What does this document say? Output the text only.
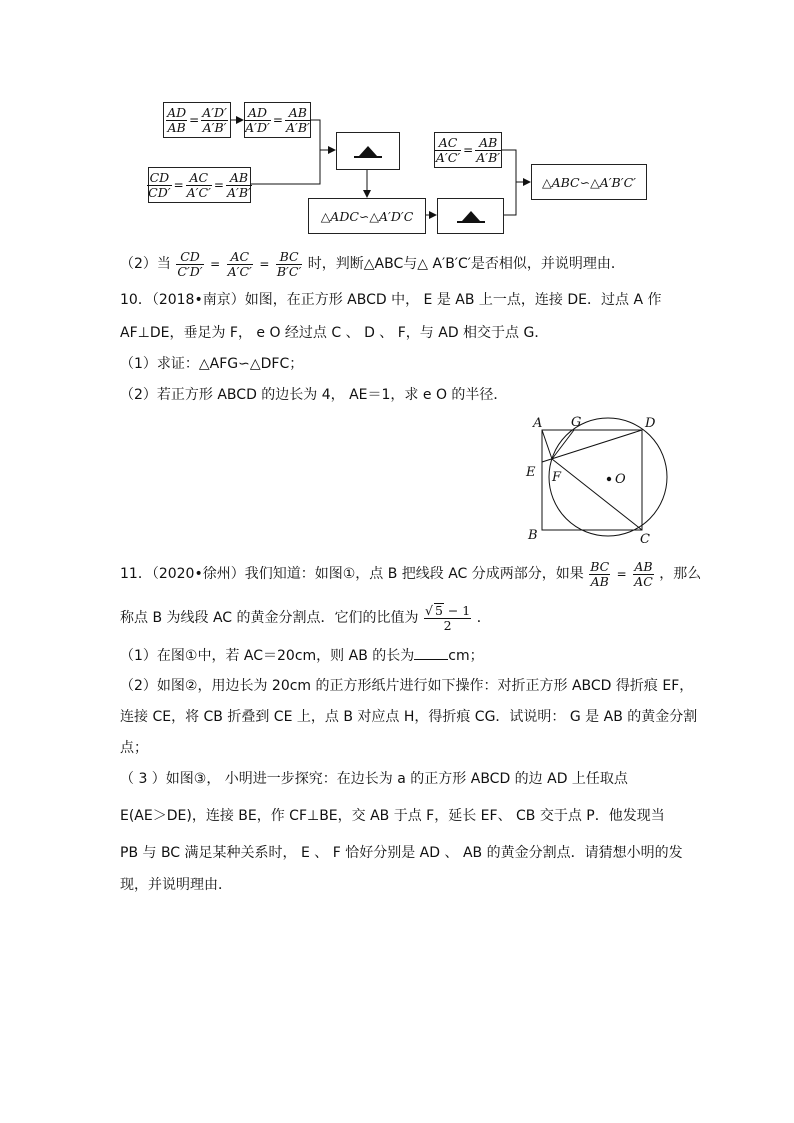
$\frac{AD}{AB} = \frac{A'D'}{A'B'} \frac{AD}{A'D'} = \frac{AB}{A'B'}$
$\frac{CD}{CD'} = \frac{AC}{A'C'} = \frac{AB}{A'B'}$
△ADC∽△A′D′C
$\frac{AC}{A'C'} = \frac{AB}{A'B'}$
△ABC∽△A′B′C′
（2）当 $\frac{CD}{C'D'} = \frac{AC}{A'C'} = \frac{BC}{B'C'}$ 时，判断△ABC与△ A′B′C′是否相似，并说明理由．
10．（2018•南京）如图，在正方形 ABCD 中， E 是 AB 上一点，连接 DE．过点 A 作
AF⊥DE，垂足为 F， e O 经过点 C 、 D 、 F，与 AD 相交于点 G．
（1）求证：△AFG∽△DFC；
（2）若正方形 ABCD 的边长为 4， AE＝1，求 e O 的半径．
A G	D
E F	O
B	C
11．（2020•徐州）我们知道：如图①，点 B 把线段 AC 分成两部分，如果 $\frac{BC}{AB} = \frac{AB}{AC}$ ，那么
称点 B 为线段 AC 的黄金分割点．它们的比值为 $\frac{√ 5 - 1}{2}$ ．
（1）在图①中，若 AC＝20cm，则 AB 的长为 cm；
（2）如图②，用边长为 20cm 的正方形纸片进行如下操作：对折正方形 ABCD 得折痕 EF，
连接 CE，将 CB 折叠到 CE 上，点 B 对应点 H，得折痕 CG．试说明： G 是 AB 的黄金分割
点；
（ 3 ）如图③， 小明进一步探究：在边长为 a 的正方形 ABCD 的边 AD 上任取点
E(AE＞DE)，连接 BE，作 CF⊥BE，交 AB 于点 F，延长 EF、 CB 交于点 P．他发现当
PB 与 BC 满足某种关系时， E 、 F 恰好分别是 AD 、 AB 的黄金分割点．请猜想小明的发
现，并说明理由．
